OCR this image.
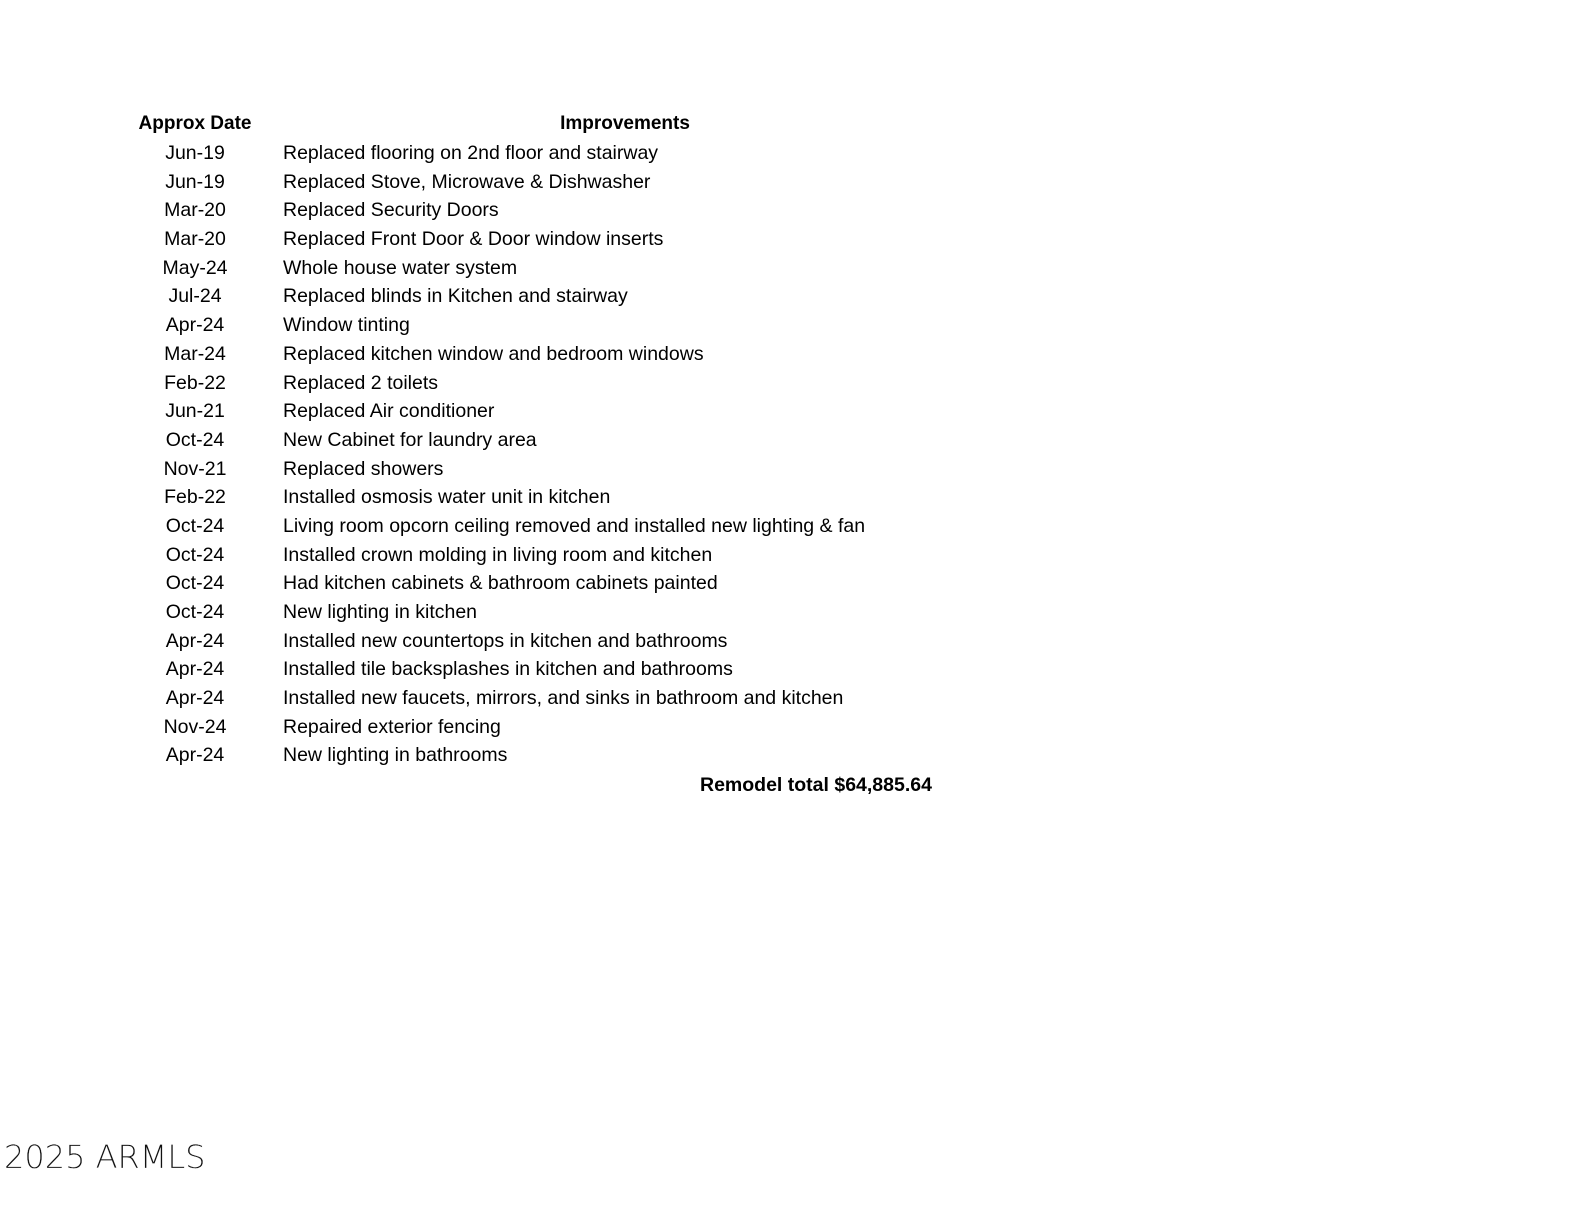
Approx Date	Improvements
Jun-19	Replaced flooring on 2nd floor and stairway
Jun-19	Replaced Stove, Microwave & Dishwasher
Mar-20	Replaced Security Doors
Mar-20	Replaced Front Door & Door window inserts
May-24	Whole house water system
Jul-24	Replaced blinds in Kitchen and stairway
Apr-24	Window tinting
Mar-24	Replaced kitchen window and bedroom windows
Feb-22	Replaced 2 toilets
Jun-21	Replaced Air conditioner
Oct-24	New Cabinet for laundry area
Nov-21	Replaced showers
Feb-22	Installed osmosis water unit in kitchen
Oct-24	Living room opcorn ceiling removed and installed new lighting & fan
Oct-24	Installed crown molding in living room and kitchen
Oct-24	Had kitchen cabinets & bathroom cabinets painted
Oct-24	New lighting in kitchen
Apr-24	Installed new countertops in kitchen and bathrooms
Apr-24	Installed tile backsplashes in kitchen and bathrooms
Apr-24	Installed new faucets, mirrors, and sinks in bathroom and kitchen
Nov-24	Repaired exterior fencing
Apr-24	New lighting in bathrooms
Remodel total $64,885.64
2025 ARMLS
